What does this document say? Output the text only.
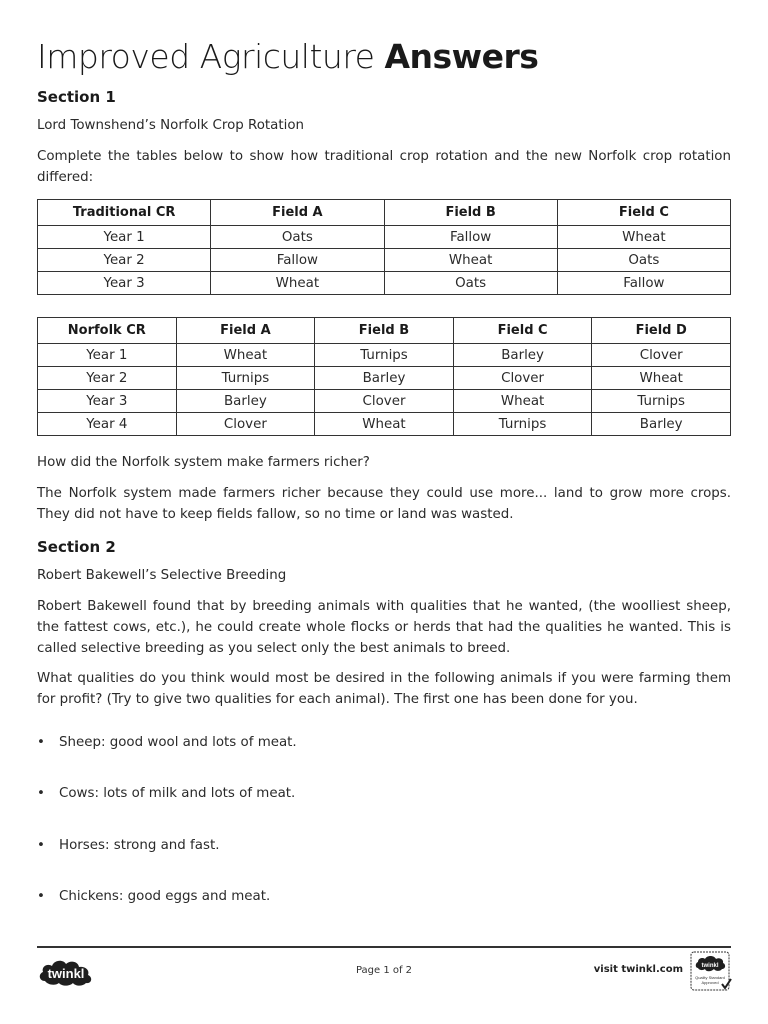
Improved Agriculture Answers
Section 1
Lord Townshend’s Norfolk Crop Rotation
Complete the tables below to show how traditional crop rotation and the new Norfolk crop rotation differed:
Traditional CR	Field A	Field B	Field C
Year 1	Oats	Fallow	Wheat
Year 2	Fallow	Wheat	Oats
Year 3	Wheat	Oats	Fallow
Norfolk CR	Field A	Field B	Field C	Field D
Year 1	Wheat	Turnips	Barley	Clover
Year 2	Turnips	Barley	Clover	Wheat
Year 3	Barley	Clover	Wheat	Turnips
Year 4	Clover	Wheat	Turnips	Barley
How did the Norfolk system make farmers richer?
The Norfolk system made farmers richer because they could use more... land to grow more crops. They did not have to keep fields fallow, so no time or land was wasted.
Section 2
Robert Bakewell’s Selective Breeding
Robert Bakewell found that by breeding animals with qualities that he wanted, (the woolliest sheep, the fattest cows, etc.), he could create whole flocks or herds that had the qualities he wanted. This is called selective breeding as you select only the best animals to breed.
What qualities do you think would most be desired in the following animals if you were farming them for profit? (Try to give two qualities for each animal). The first one has been done for you.
• Sheep: good wool and lots of meat.
• Cows: lots of milk and lots of meat.
• Horses: strong and fast.
• Chickens: good eggs and meat.
twinkl	Page 1 of 2	visit twinkl.com	twinkl
Quality Standard
Approved
